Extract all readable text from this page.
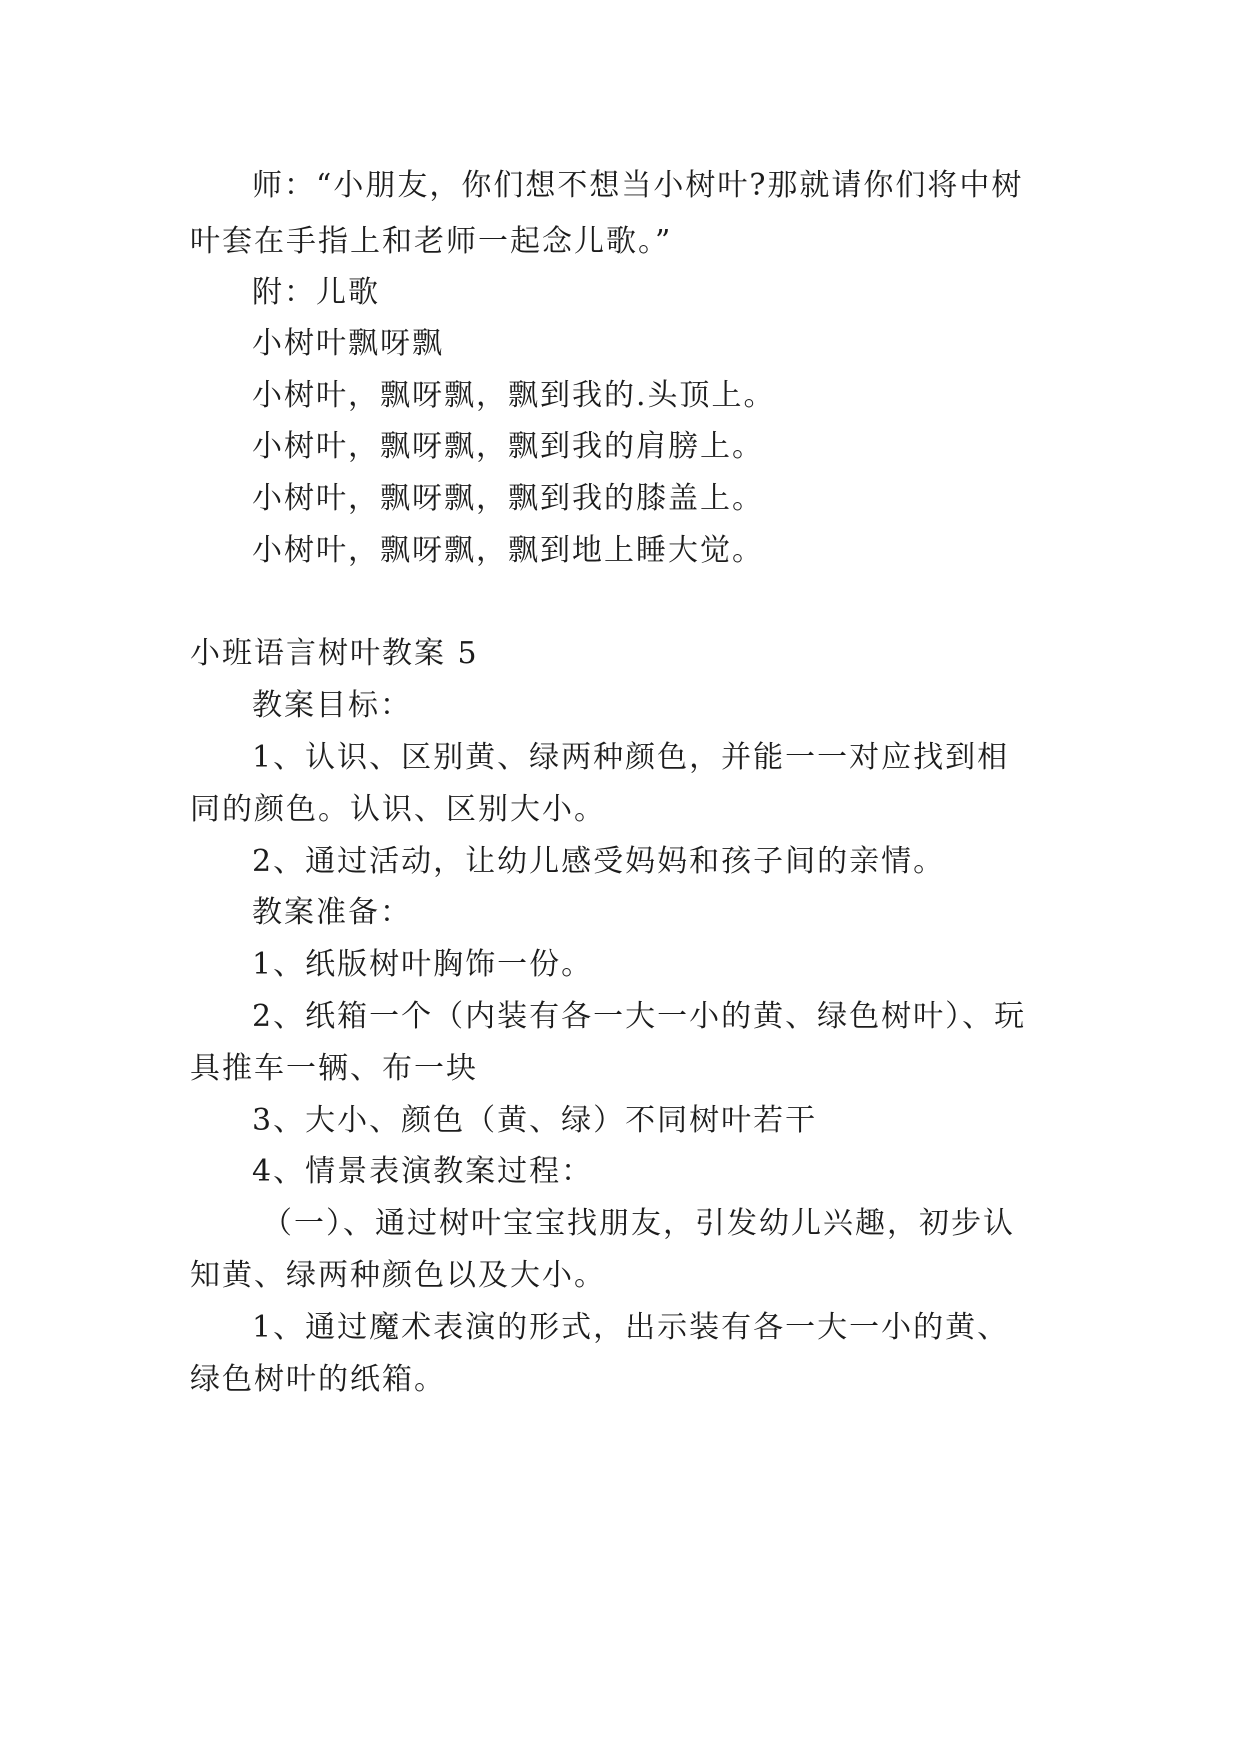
师：“小朋友，你们想不想当小树叶?那就请你们将中树
叶套在手指上和老师一起念儿歌。”
附：儿歌
小树叶飘呀飘
小树叶，飘呀飘，飘到我的.头顶上。
小树叶，飘呀飘，飘到我的肩膀上。
小树叶，飘呀飘，飘到我的膝盖上。
小树叶，飘呀飘，飘到地上睡大觉。
小班语言树叶教案 5
教案目标：
1、认识、区别黄、绿两种颜色，并能一一对应找到相
同的颜色。认识、区别大小。
2、通过活动，让幼儿感受妈妈和孩子间的亲情。
教案准备：
1、纸版树叶胸饰一份。
2、纸箱一个（内装有各一大一小的黄、绿色树叶）、玩
具推车一辆、布一块
3、大小、颜色（黄、绿）不同树叶若干
4、情景表演教案过程：
（一）、通过树叶宝宝找朋友，引发幼儿兴趣，初步认
知黄、绿两种颜色以及大小。
1、通过魔术表演的形式，出示装有各一大一小的黄、
绿色树叶的纸箱。
